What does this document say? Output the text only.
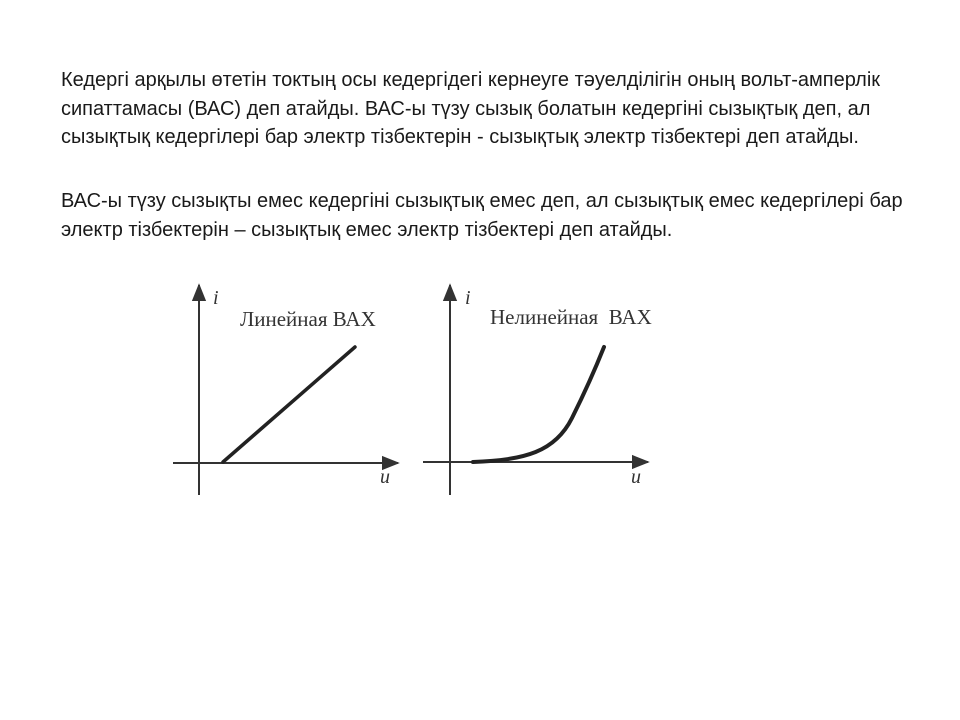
Кедергі арқылы өтетін токтың осы кедергідегі кернеуге тәуелділігін оның вольт-амперлік сипаттамасы (ВАС) деп атайды. ВАС-ы түзу сызық болатын кедергіні сызықтық деп, ал сызықтық кедергілері бар электр тізбектерін - сызықтық электр тізбектері деп атайды.

ВАС-ы түзу сызықты емес кедергіні сызықтық емес деп, ал сызықтық емес кедергілері бар электр тізбектерін – сызықтық емес электр тізбектері деп атайды.

i
u
Линейная ВАХ
i
u
Нелинейная  ВАХ
